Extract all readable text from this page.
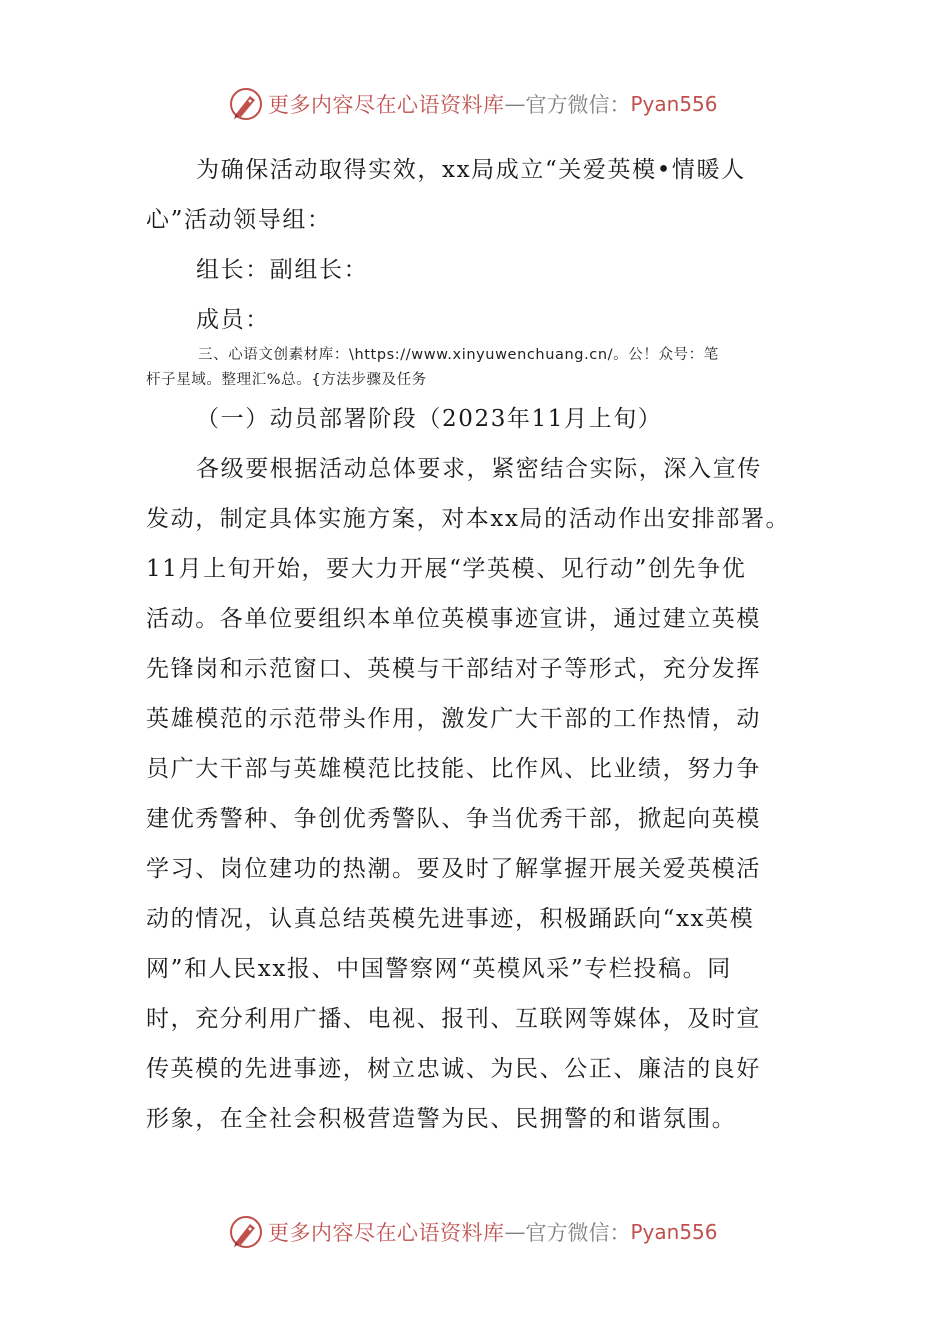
更多内容尽在心语资料库 — 官方微信： Pyan556
为确保活动取得实效，xx局成立“关爱英模•情暖人
心”活动领导组：
组长：副组长：
成员：
三、心语文创素材库：\https://www.xinyuwenchuang.cn/。公！众号：笔
杆子星域。整理汇%总。{方法步骤及任务
（一）动员部署阶段（2023年11月上旬）
各级要根据活动总体要求，紧密结合实际，深入宣传
发动，制定具体实施方案，对本xx局的活动作出安排部署。
11月上旬开始，要大力开展“学英模、见行动”创先争优
活动。各单位要组织本单位英模事迹宣讲，通过建立英模
先锋岗和示范窗口、英模与干部结对子等形式，充分发挥
英雄模范的示范带头作用，激发广大干部的工作热情，动
员广大干部与英雄模范比技能、比作风、比业绩，努力争
建优秀警种、争创优秀警队、争当优秀干部，掀起向英模
学习、岗位建功的热潮。要及时了解掌握开展关爱英模活
动的情况，认真总结英模先进事迹，积极踊跃向“xx英模
网”和人民xx报、中国警察网“英模风采”专栏投稿。同
时，充分利用广播、电视、报刊、互联网等媒体，及时宣
传英模的先进事迹，树立忠诚、为民、公正、廉洁的良好
形象，在全社会积极营造警为民、民拥警的和谐氛围。
更多内容尽在心语资料库 — 官方微信： Pyan556
